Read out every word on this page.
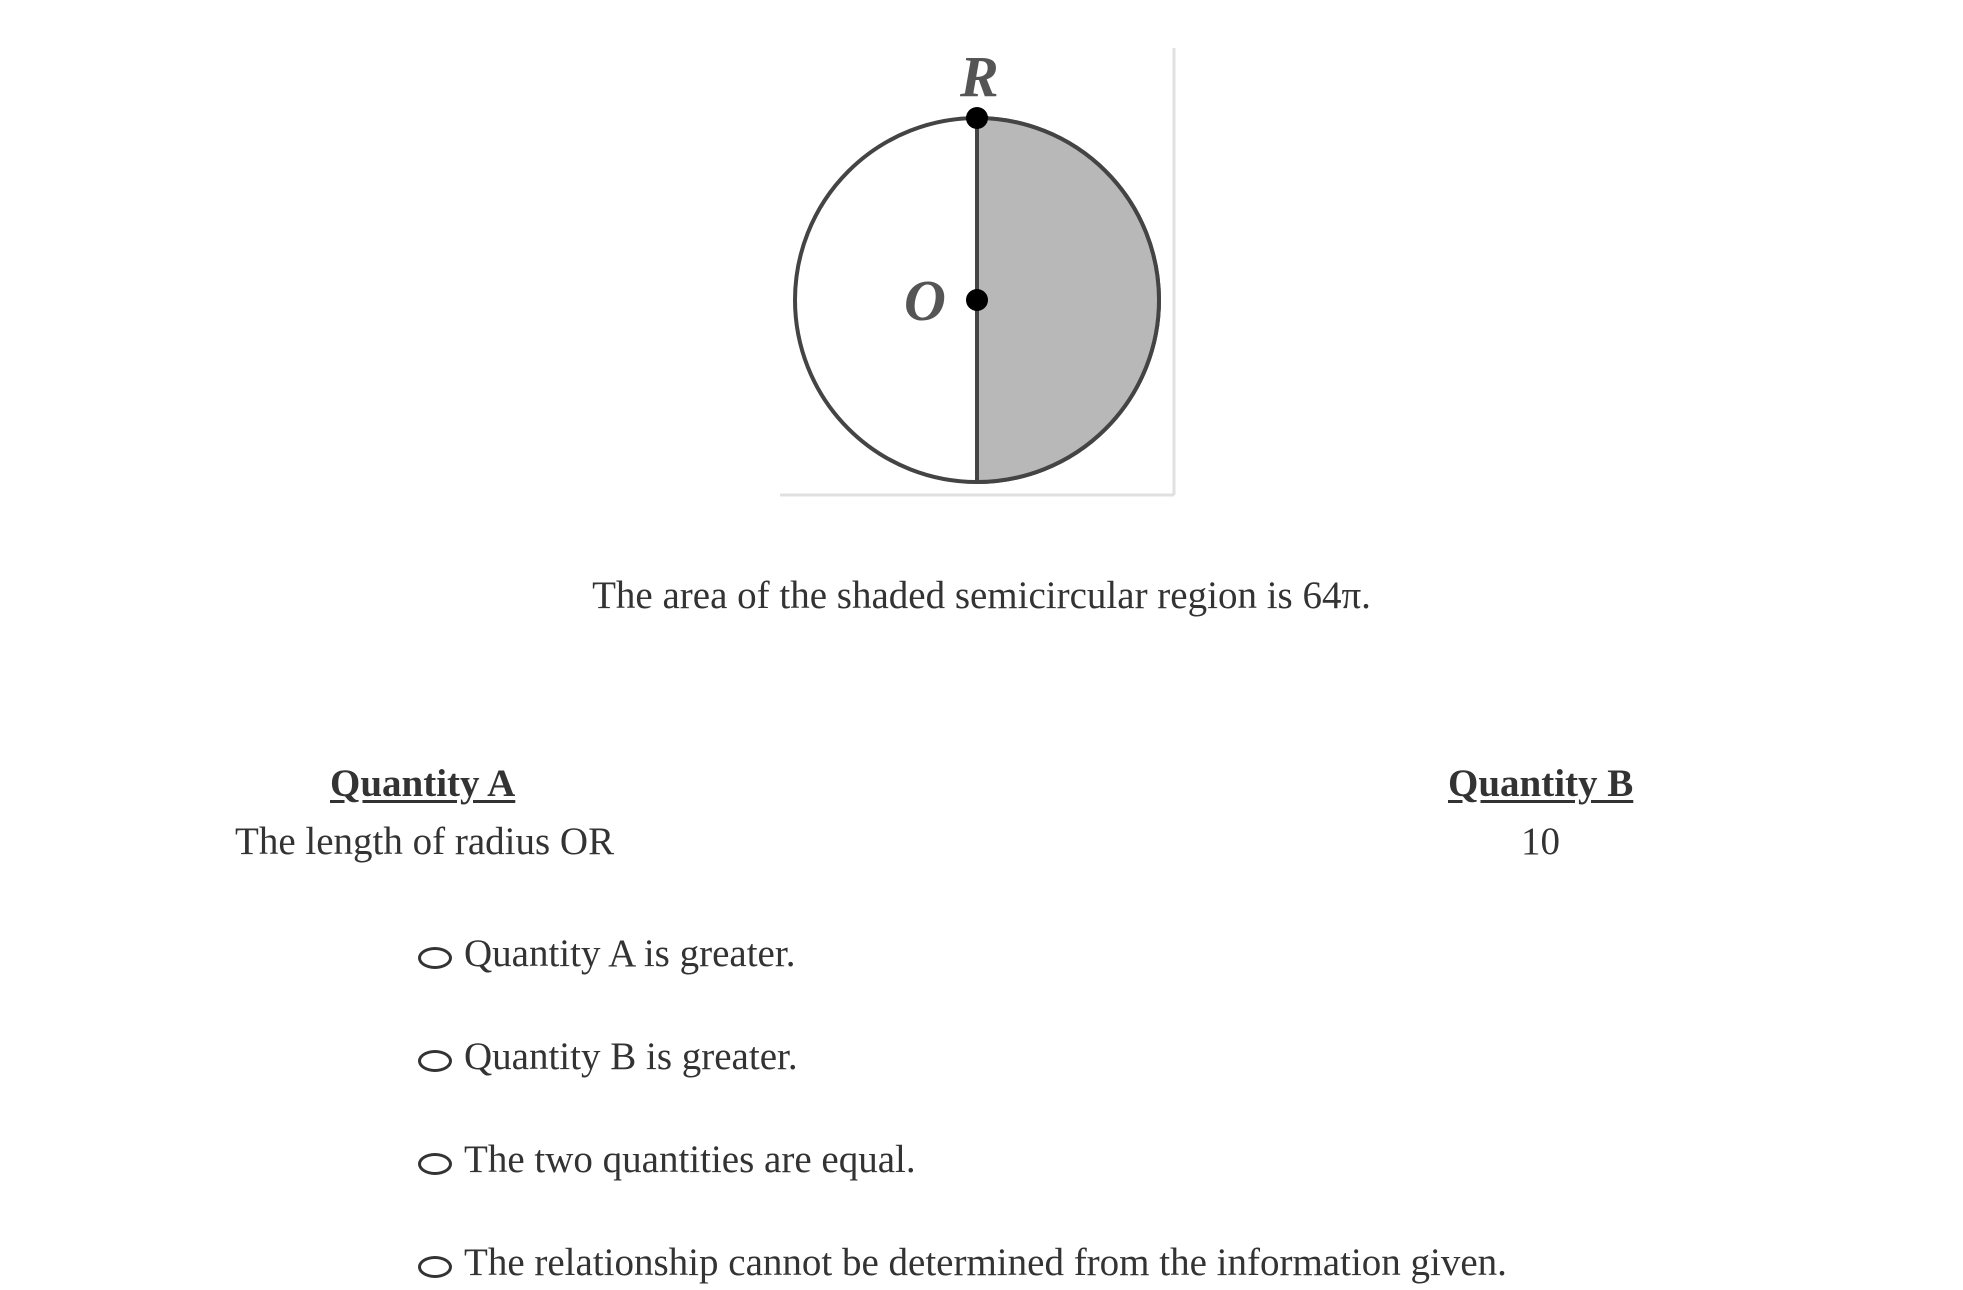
R
O
The area of the shaded semicircular region is 64π.
Quantity A
The length of radius OR
Quantity B
10
Quantity A is greater.
Quantity B is greater.
The two quantities are equal.
The relationship cannot be determined from the information given.
